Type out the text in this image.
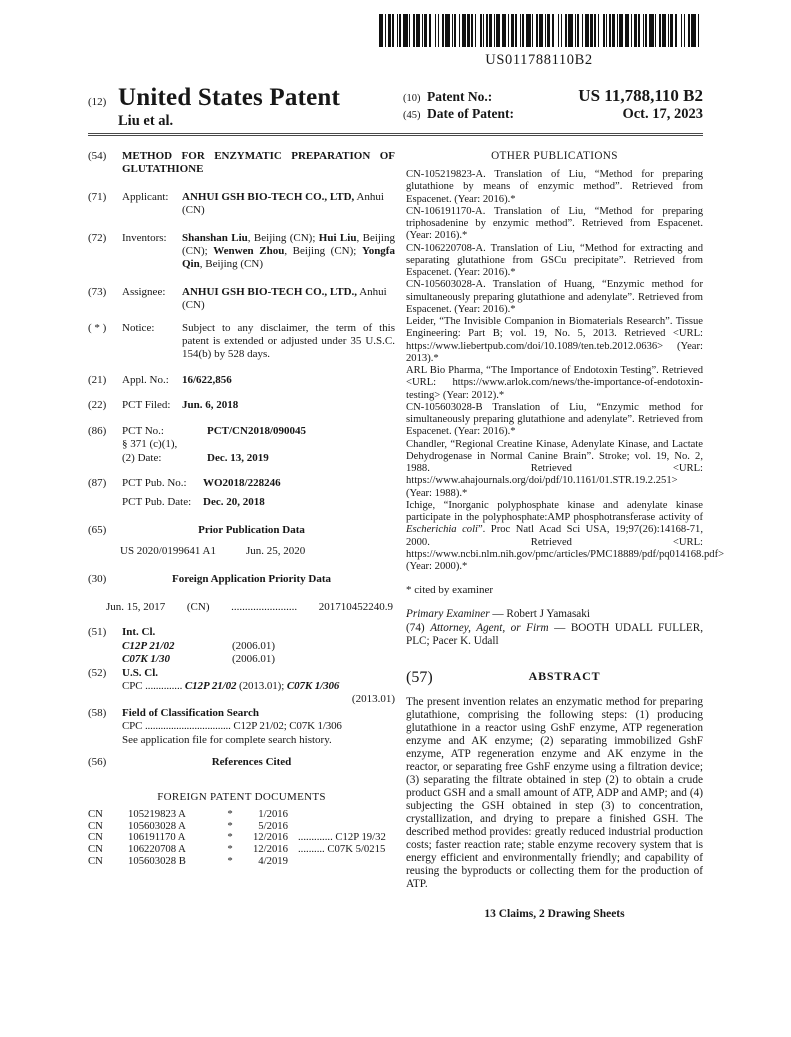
US011788110B2
(12) United States Patent
Liu et al.
(10) Patent No.:	US 11,788,110 B2
(45) Date of Patent:	Oct. 17, 2023
(54)	METHOD FOR ENZYMATIC PREPARATION OF GLUTATHIONE
(71)	Applicant:	ANHUI GSH BIO-TECH CO., LTD, Anhui (CN)
(72)	Inventors:	Shanshan Liu, Beijing (CN); Hui Liu, Beijing (CN); Wenwen Zhou, Beijing (CN); Yongfa Qin, Beijing (CN)
(73)	Assignee:	ANHUI GSH BIO-TECH CO., LTD., Anhui (CN)
( * )	Notice:	Subject to any disclaimer, the term of this patent is extended or adjusted under 35 U.S.C. 154(b) by 528 days.
(21)	Appl. No.:	16/622,856
(22)	PCT Filed:	Jun. 6, 2018
(86)	PCT No.:	PCT/CN2018/090045
§ 371 (c)(1),
(2) Date:	Dec. 13, 2019
(87)	PCT Pub. No.:	WO2018/228246
PCT Pub. Date:	Dec. 20, 2018
(65)	Prior Publication Data
US 2020/0199641 A1	Jun. 25, 2020
(30)	Foreign Application Priority Data
Jun. 15, 2017 (CN) ........................ 201710452240.9
(51)	Int. Cl.
C12P 21/02	(2006.01)
C07K 1/30	(2006.01)
(52)	U.S. Cl.
CPC .............. C12P 21/02 (2013.01); C07K 1/306
(2013.01)
(58)	Field of Classification Search
CPC ................................. C12P 21/02; C07K 1/306
See application file for complete search history.
(56)	References Cited
FOREIGN PATENT DOCUMENTS
CN	105219823 A	*	1/2016
CN	105603028 A	*	5/2016
CN	106191170 A	*	12/2016 ............. C12P 19/32
CN	106220708 A	*	12/2016 .......... C07K 5/0215
CN	105603028 B	*	4/2019
OTHER PUBLICATIONS

CN-105219823-A. Translation of Liu, “Method for preparing glutathione by means of enzymic method”. Retrieved from Espacenet. (Year: 2016).*

CN-106191170-A. Translation of Liu, “Method for preparing triphosadenine by enzymic method”. Retrieved from Espacenet. (Year: 2016).*

CN-106220708-A. Translation of Liu, “Method for extracting and separating glutathione from GSCu precipitate”. Retrieved from Espacenet. (Year: 2016).*

CN-105603028-A. Translation of Huang, “Enzymic method for simultaneously preparing glutathione and adenylate”. Retrieved from Espacenet. (Year: 2016).*

Leider, “The Invisible Companion in Biomaterials Research”. Tissue Engineering: Part B; vol. 19, No. 5, 2013. Retrieved <URL: https://www.liebertpub.com/doi/10.1089/ten.teb.2012.0636> (Year: 2013).*

ARL Bio Pharma, “The Importance of Endotoxin Testing”. Retrieved <URL: https://www.arlok.com/news/the-importance-of-endotoxin-testing> (Year: 2012).*

CN-105603028-B Translation of Liu, “Enzymic method for simultaneously preparing glutathione and adenylate”. Retrieved from Espacenet. (Year: 2016).*

Chandler, “Regional Creatine Kinase, Adenylate Kinase, and Lactate Dehydrogenase in Normal Canine Brain”. Stroke; vol. 19, No. 2, 1988. Retrieved <URL: https://www.ahajournals.org/doi/pdf/10.1161/01.STR.19.2.251> (Year: 1988).*

Ichige, “Inorganic polyphosphate kinase and adenylate kinase participate in the polyphosphate:AMP phosphotransferase activity of Escherichia coli”. Proc Natl Acad Sci USA, 19;97(26):14168-71, 2000. Retrieved <URL: https://www.ncbi.nlm.nih.gov/pmc/articles/PMC18889/pdf/pq014168.pdf> (Year: 2000).*

* cited by examiner
Primary Examiner — Robert J Yamasaki
(74) Attorney, Agent, or Firm — BOOTH UDALL FULLER, PLC; Pacer K. Udall
(57)	ABSTRACT

The present invention relates an enzymatic method for preparing glutathione, comprising the following steps: (1) producing glutathione in a reactor using GshF enzyme, ATP regeneration enzyme and AK enzyme; (2) separating immobilized GshF enzyme, ATP regeneration enzyme and AK enzyme in the reactor, or separating free GshF enzyme using a filtration device; (3) separating the filtrate obtained in step (2) to obtain a crude product GSH and a small amount of ATP, ADP and AMP; and (4) subjecting the GSH obtained in step (3) to concentration, crystallization, and drying to prepare a finished GSH. The described method provides: greatly reduced industrial production costs; faster reaction rate; stable enzyme recovery system that is energy efficient and environmentally friendly; and capability of reusing the byproducts or collecting them for the production of ATP.

13 Claims, 2 Drawing Sheets
